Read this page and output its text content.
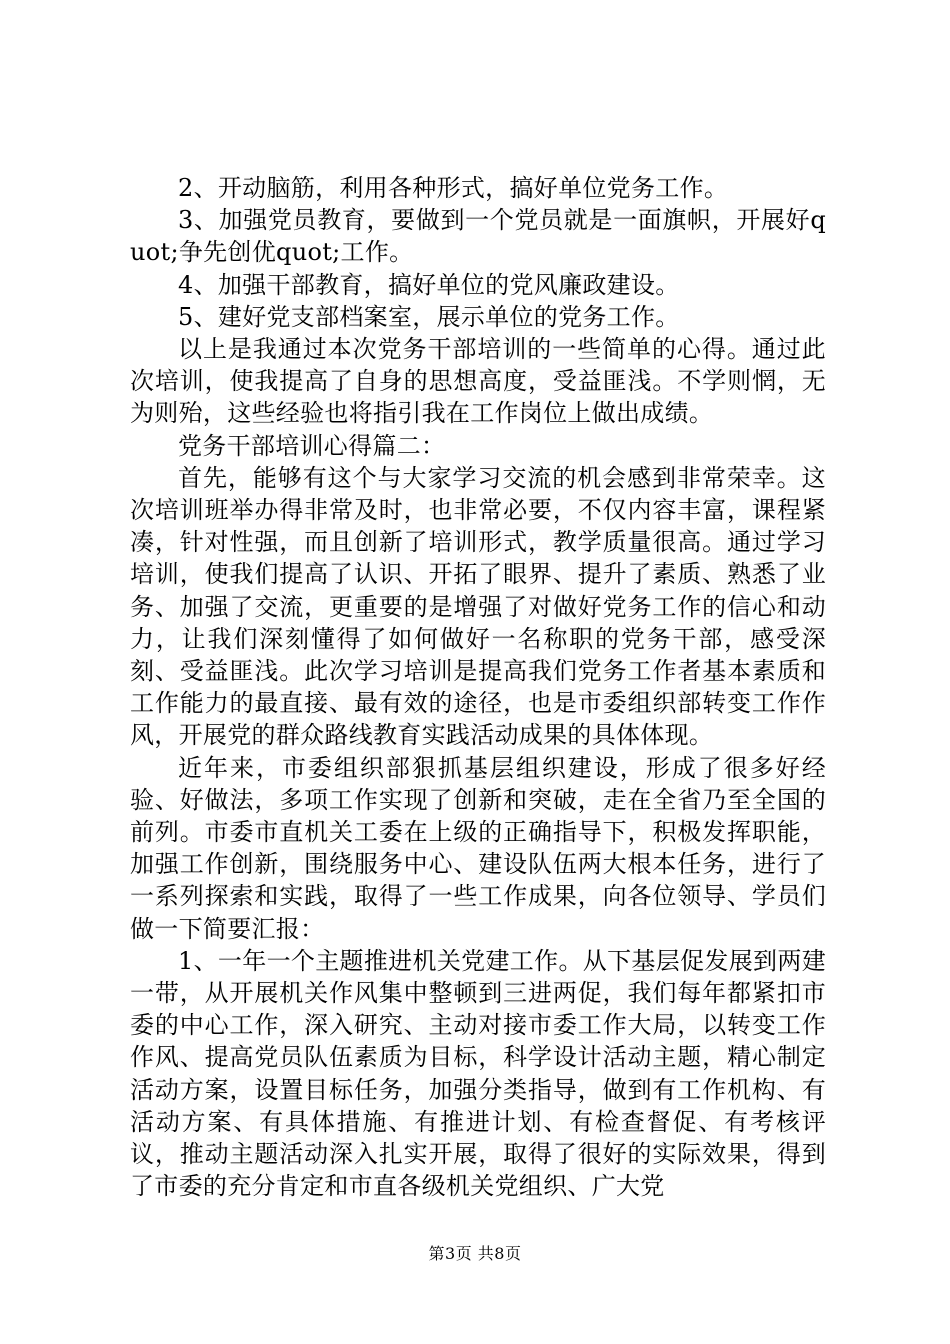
2、开动脑筋，利用各种形式，搞好单位党务工作。

3、加强党员教育，要做到一个党员就是一面旗帜，开展好quot;争先创优quot;工作。

4、加强干部教育，搞好单位的党风廉政建设。

5、建好党支部档案室，展示单位的党务工作。

以上是我通过本次党务干部培训的一些简单的心得。通过此次培训，使我提高了自身的思想高度，受益匪浅。不学则惘，无为则殆，这些经验也将指引我在工作岗位上做出成绩。

党务干部培训心得篇二：

首先，能够有这个与大家学习交流的机会感到非常荣幸。这次培训班举办得非常及时，也非常必要，不仅内容丰富，课程紧凑，针对性强，而且创新了培训形式，教学质量很高。通过学习培训，使我们提高了认识、开拓了眼界、提升了素质、熟悉了业务、加强了交流，更重要的是增强了对做好党务工作的信心和动力，让我们深刻懂得了如何做好一名称职的党务干部，感受深刻、受益匪浅。此次学习培训是提高我们党务工作者基本素质和工作能力的最直接、最有效的途径，也是市委组织部转变工作作风，开展党的群众路线教育实践活动成果的具体体现。

近年来，市委组织部狠抓基层组织建设，形成了很多好经验、好做法，多项工作实现了创新和突破，走在全省乃至全国的前列。市委市直机关工委在上级的正确指导下，积极发挥职能，加强工作创新，围绕服务中心、建设队伍两大根本任务，进行了一系列探索和实践，取得了一些工作成果，向各位领导、学员们做一下简要汇报：

1、一年一个主题推进机关党建工作。从下基层促发展到两建一带，从开展机关作风集中整顿到三进两促，我们每年都紧扣市委的中心工作，深入研究、主动对接市委工作大局，以转变工作作风、提高党员队伍素质为目标，科学设计活动主题，精心制定活动方案，设置目标任务，加强分类指导，做到有工作机构、有活动方案、有具体措施、有推进计划、有检查督促、有考核评议，推动主题活动深入扎实开展，取得了很好的实际效果，得到了市委的充分肯定和市直各级机关党组织、广大党

第3页 共8页
